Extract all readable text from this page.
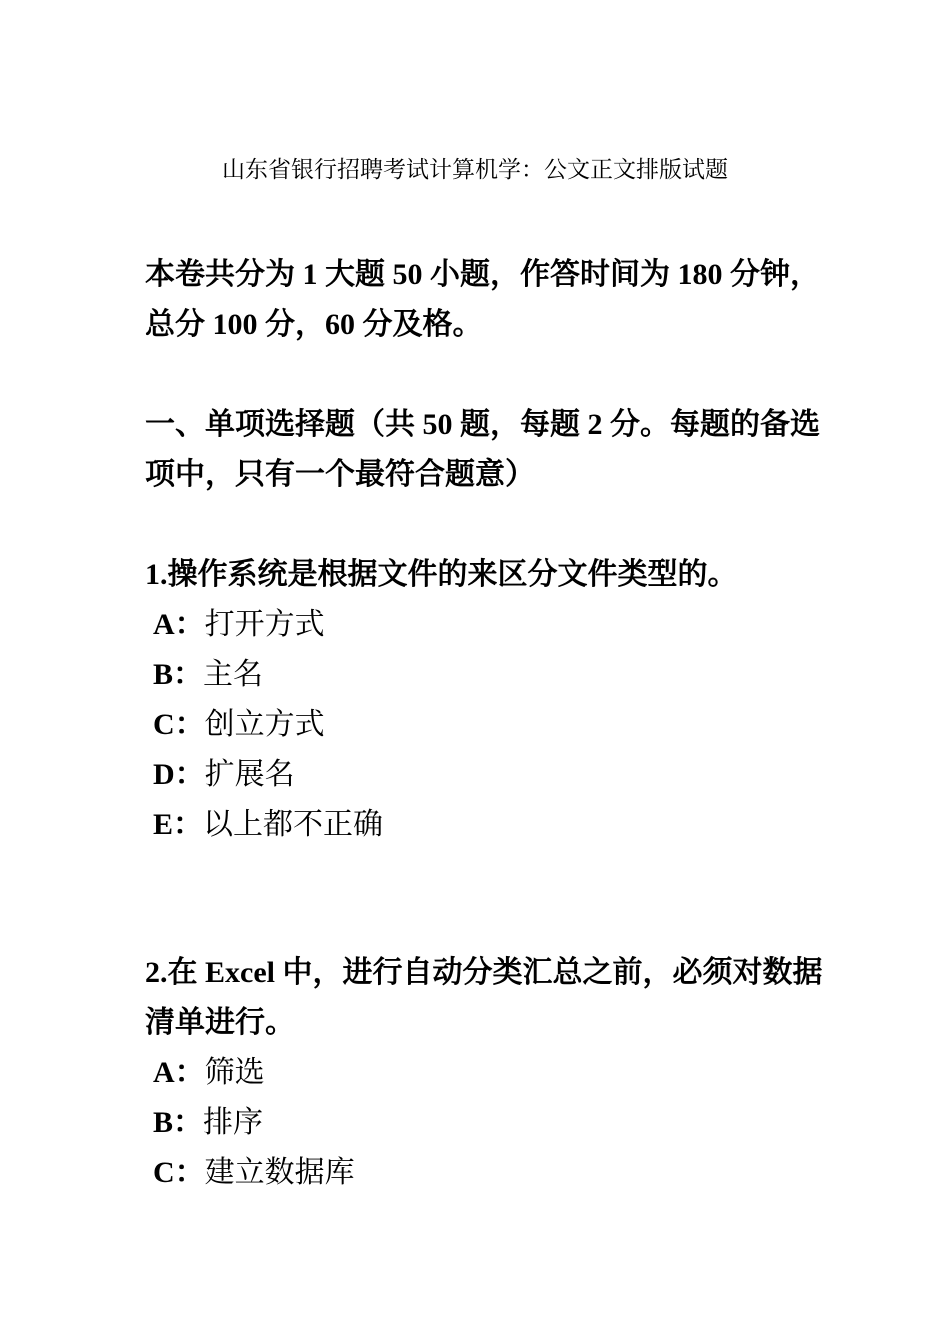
山东省银行招聘考试计算机学：公文正文排版试题

本卷共分为 1 大题 50 小题，作答时间为 180 分钟，总分 100 分，60 分及格。

一、单项选择题（共 50 题，每题 2 分。每题的备选项中，只有一个最符合题意）

1.操作系统是根据文件的来区分文件类型的。

A：打开方式
B：主名
C：创立方式
D：扩展名
E：以上都不正确

2.在 Excel 中，进行自动分类汇总之前，必须对数据清单进行。

A：筛选
B：排序
C：建立数据库
